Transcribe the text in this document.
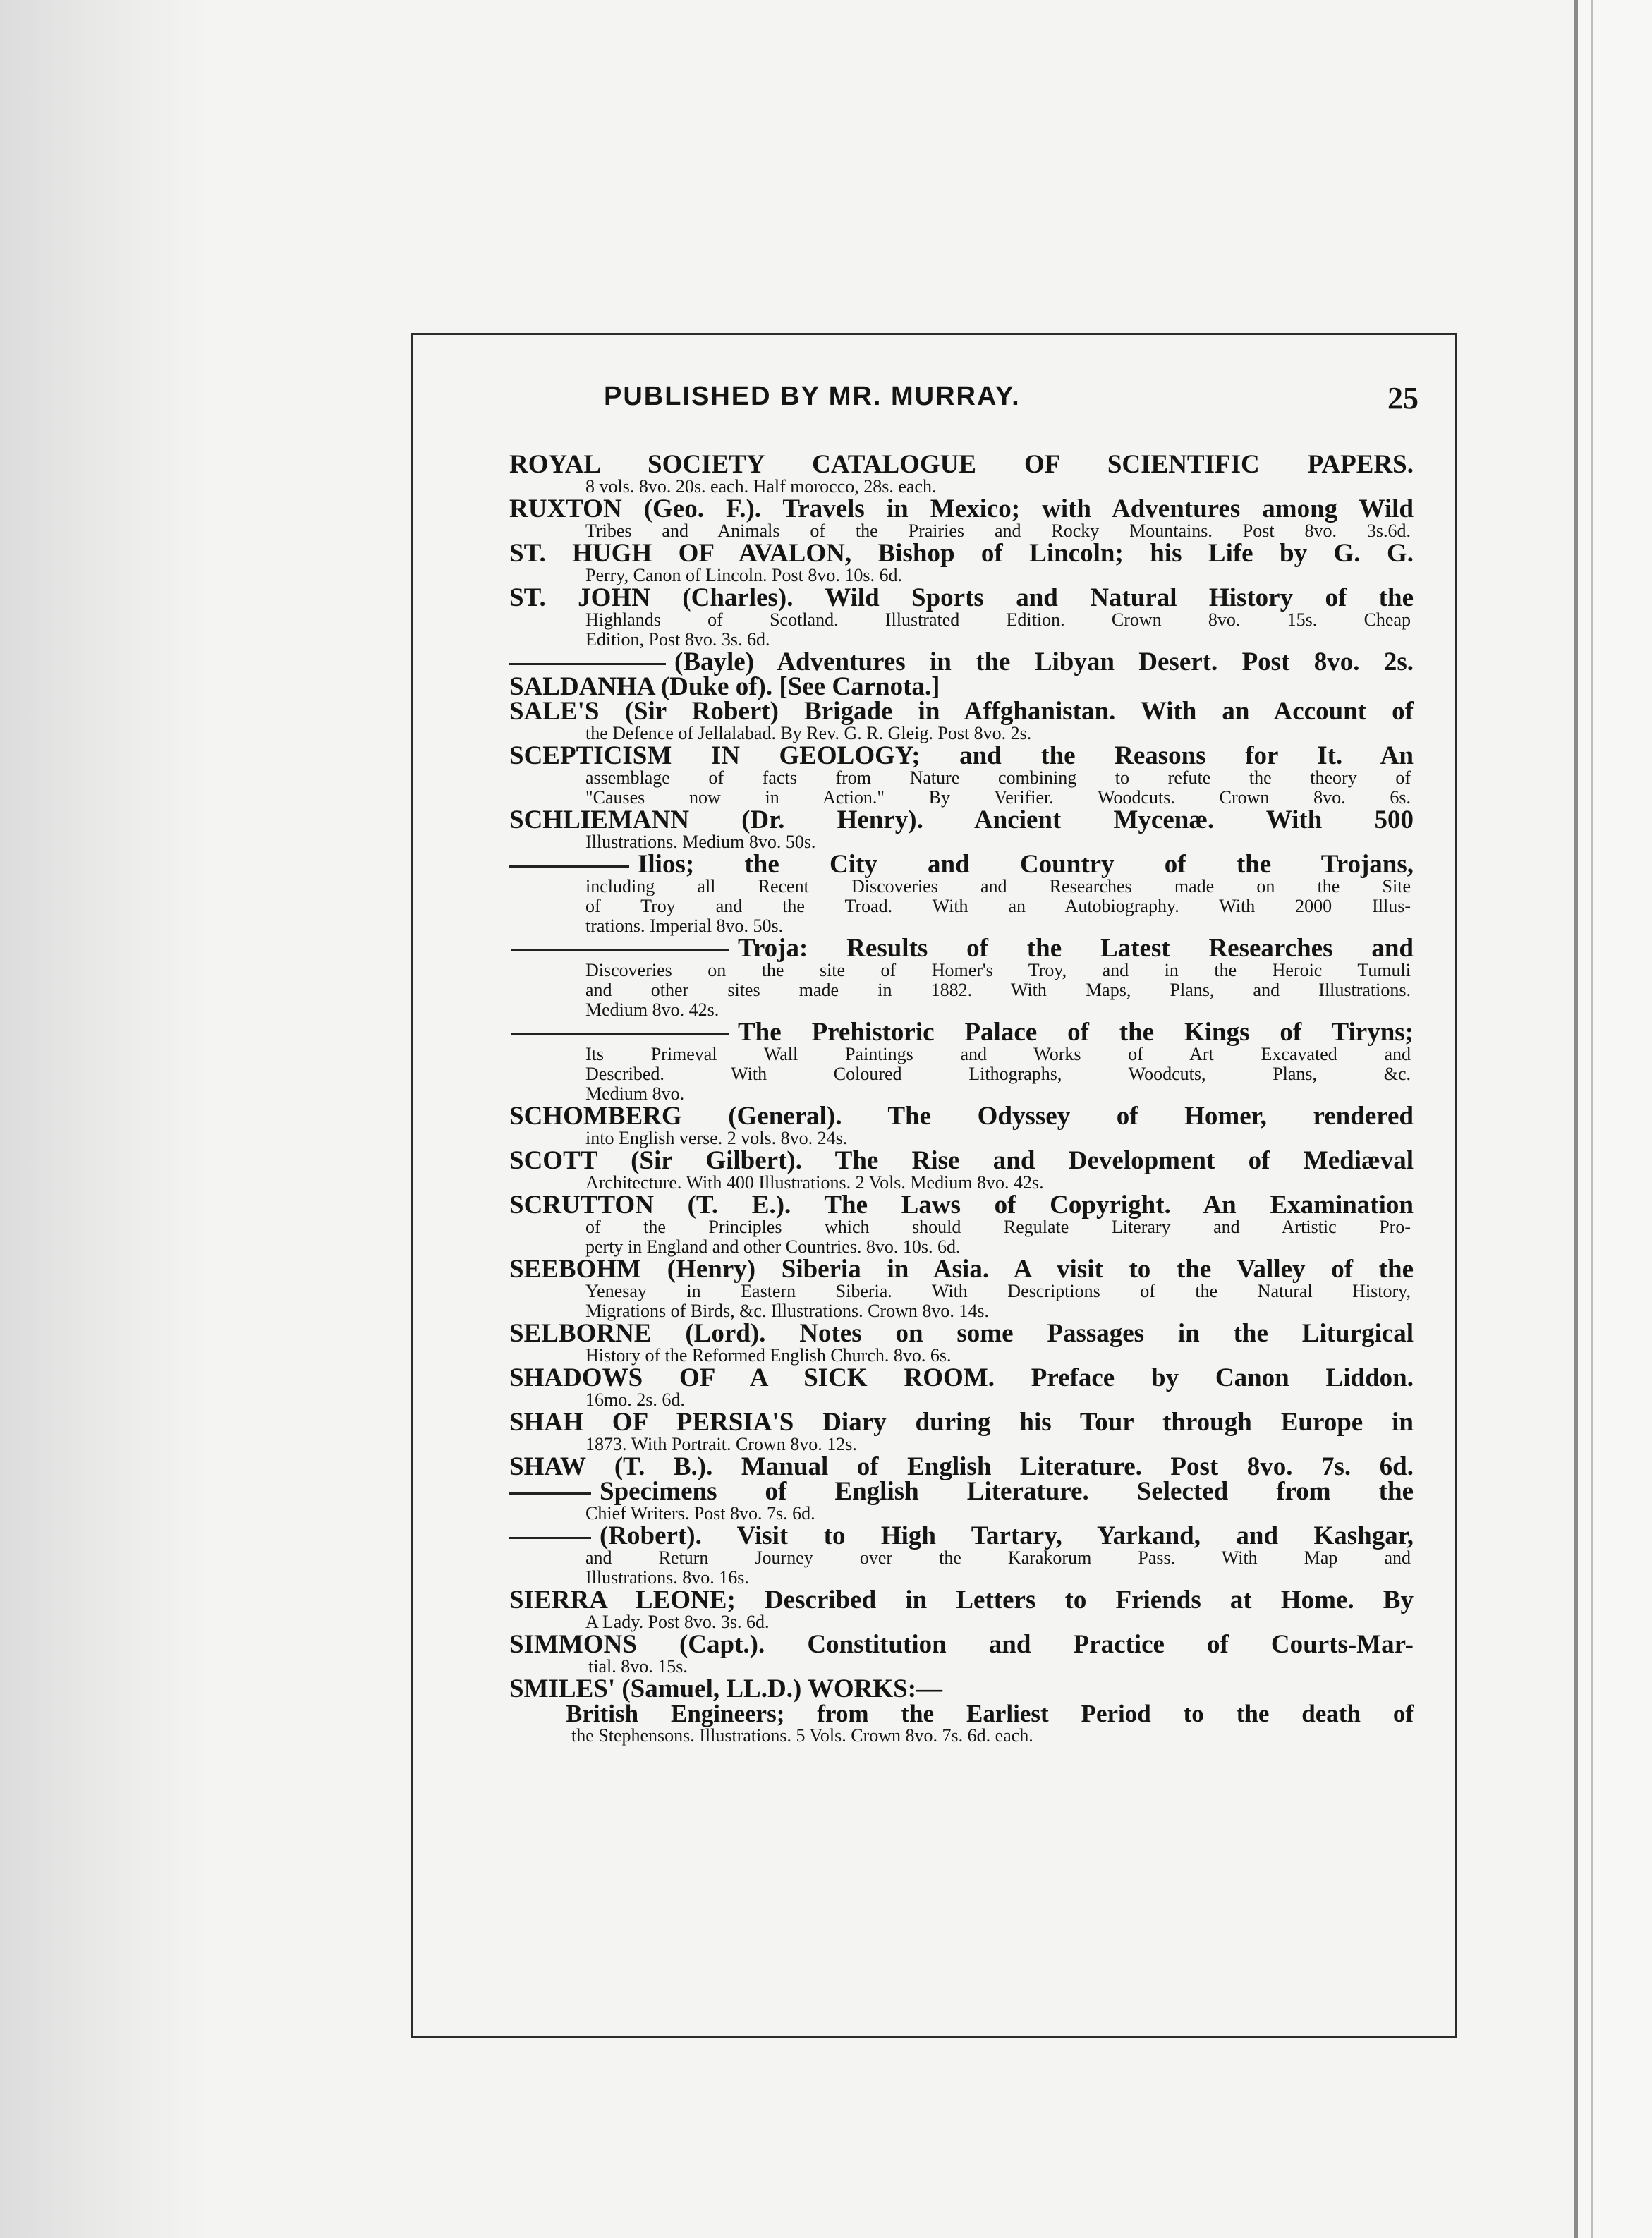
PUBLISHED BY MR. MURRAY.	25
ROYAL SOCIETY CATALOGUE OF SCIENTIFIC PAPERS.
8 vols. 8vo. 20s. each. Half morocco, 28s. each.
RUXTON (Geo. F.). Travels in Mexico; with Adventures among Wild
Tribes and Animals of the Prairies and Rocky Mountains. Post 8vo. 3s.6d.
ST. HUGH OF AVALON, Bishop of Lincoln; his Life by G. G.
Perry, Canon of Lincoln. Post 8vo. 10s. 6d.
ST. JOHN (Charles). Wild Sports and Natural History of the
Highlands of Scotland. Illustrated Edition. Crown 8vo. 15s. Cheap
Edition, Post 8vo. 3s. 6d.
(Bayle) Adventures in the Libyan Desert. Post 8vo. 2s.
SALDANHA (Duke of). [See Carnota.]
SALE'S (Sir Robert) Brigade in Affghanistan. With an Account of
the Defence of Jellalabad. By Rev. G. R. Gleig. Post 8vo. 2s.
SCEPTICISM IN GEOLOGY; and the Reasons for It. An
assemblage of facts from Nature combining to refute the theory of
"Causes now in Action." By Verifier. Woodcuts. Crown 8vo. 6s.
SCHLIEMANN (Dr. Henry). Ancient Mycenæ. With 500
Illustrations. Medium 8vo. 50s.
Ilios; the City and Country of the Trojans,
including all Recent Discoveries and Researches made on the Site
of Troy and the Troad. With an Autobiography. With 2000 Illus-
trations. Imperial 8vo. 50s.
Troja: Results of the Latest Researches and
Discoveries on the site of Homer's Troy, and in the Heroic Tumuli
and other sites made in 1882. With Maps, Plans, and Illustrations.
Medium 8vo. 42s.
The Prehistoric Palace of the Kings of Tiryns;
Its Primeval Wall Paintings and Works of Art Excavated and
Described. With Coloured Lithographs, Woodcuts, Plans, &c.
Medium 8vo.
SCHOMBERG (General). The Odyssey of Homer, rendered
into English verse. 2 vols. 8vo. 24s.
SCOTT (Sir Gilbert). The Rise and Development of Mediæval
Architecture. With 400 Illustrations. 2 Vols. Medium 8vo. 42s.
SCRUTTON (T. E.). The Laws of Copyright. An Examination
of the Principles which should Regulate Literary and Artistic Pro-
perty in England and other Countries. 8vo. 10s. 6d.
SEEBOHM (Henry) Siberia in Asia. A visit to the Valley of the
Yenesay in Eastern Siberia. With Descriptions of the Natural History,
Migrations of Birds, &c. Illustrations. Crown 8vo. 14s.
SELBORNE (Lord). Notes on some Passages in the Liturgical
History of the Reformed English Church. 8vo. 6s.
SHADOWS OF A SICK ROOM. Preface by Canon Liddon.
16mo. 2s. 6d.
SHAH OF PERSIA'S Diary during his Tour through Europe in
1873. With Portrait. Crown 8vo. 12s.
SHAW (T. B.). Manual of English Literature. Post 8vo. 7s. 6d.
Specimens of English Literature. Selected from the
Chief Writers. Post 8vo. 7s. 6d.
(Robert). Visit to High Tartary, Yarkand, and Kashgar,
and Return Journey over the Karakorum Pass. With Map and
Illustrations. 8vo. 16s.
SIERRA LEONE; Described in Letters to Friends at Home. By
A Lady. Post 8vo. 3s. 6d.
SIMMONS (Capt.). Constitution and Practice of Courts-Mar-
tial. 8vo. 15s.
SMILES' (Samuel, LL.D.) WORKS:—
British Engineers; from the Earliest Period to the death of
the Stephensons. Illustrations. 5 Vols. Crown 8vo. 7s. 6d. each.
